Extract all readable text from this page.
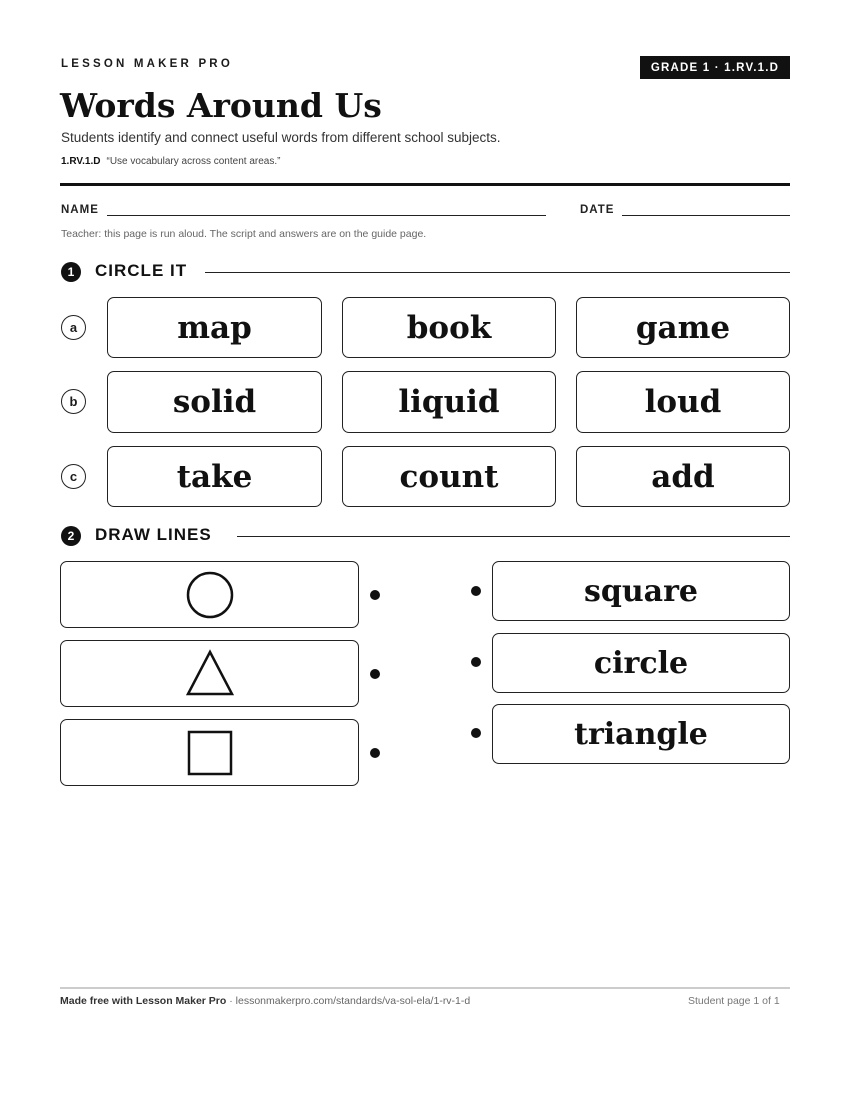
LESSON MAKER PRO	GRADE 1 · 1.RV.1.D
Words Around Us
Students identify and connect useful words from different school subjects.
1.RV.1.D “Use vocabulary across content areas.”
NAME	DATE
Teacher: this page is run aloud. The script and answers are on the guide page.
1	CIRCLE IT
a	map	book	game
b	solid	liquid	loud
c	take	count	add
2	DRAW LINES
square
circle
triangle
Made free with Lesson Maker Pro · lessonmakerpro.com/standards/va-sol-ela/1-rv-1-d	Student page 1 of 1
